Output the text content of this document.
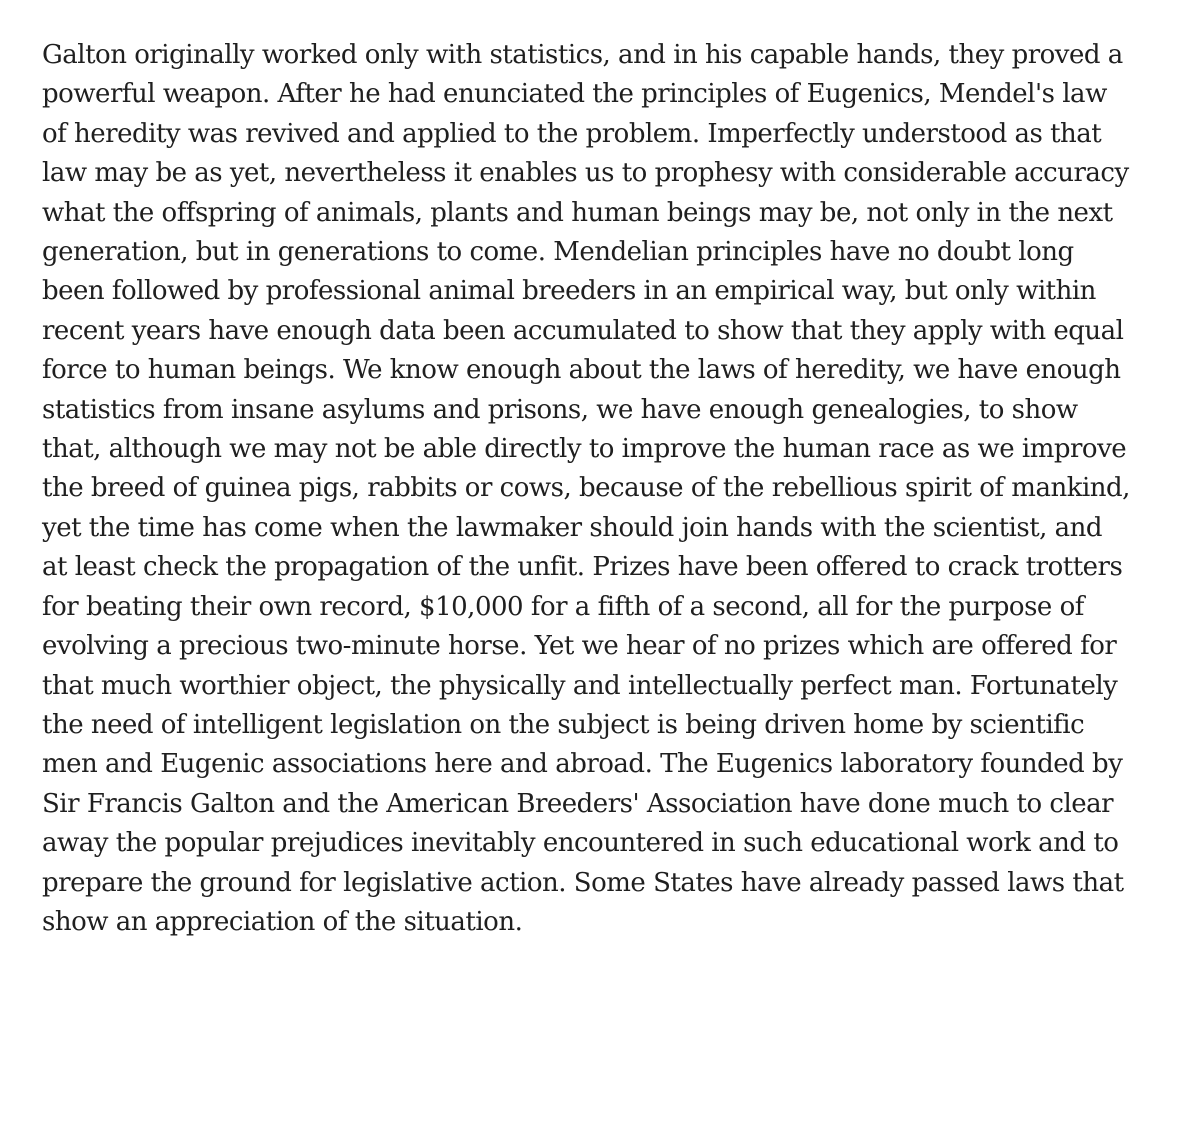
Galton originally worked only with statistics, and in his capable hands, they proved a
powerful weapon. After he had enunciated the principles of Eugenics, Mendel's law
of heredity was revived and applied to the problem. Imperfectly understood as that
law may be as yet, nevertheless it enables us to prophesy with considerable accuracy
what the offspring of animals, plants and human beings may be, not only in the next
generation, but in generations to come. Mendelian principles have no doubt long
been followed by professional animal breeders in an empirical way, but only within
recent years have enough data been accumulated to show that they apply with equal
force to human beings. We know enough about the laws of heredity, we have enough
statistics from insane asylums and prisons, we have enough genealogies, to show
that, although we may not be able directly to improve the human race as we improve
the breed of guinea pigs, rabbits or cows, because of the rebellious spirit of mankind,
yet the time has come when the lawmaker should join hands with the scientist, and
at least check the propagation of the unfit. Prizes have been offered to crack trotters
for beating their own record, $10,000 for a fifth of a second, all for the purpose of
evolving a precious two-minute horse. Yet we hear of no prizes which are offered for
that much worthier object, the physically and intellectually perfect man. Fortunately
the need of intelligent legislation on the subject is being driven home by scientific
men and Eugenic associations here and abroad. The Eugenics laboratory founded by
Sir Francis Galton and the American Breeders' Association have done much to clear
away the popular prejudices inevitably encountered in such educational work and to
prepare the ground for legislative action. Some States have already passed laws that
show an appreciation of the situation.
